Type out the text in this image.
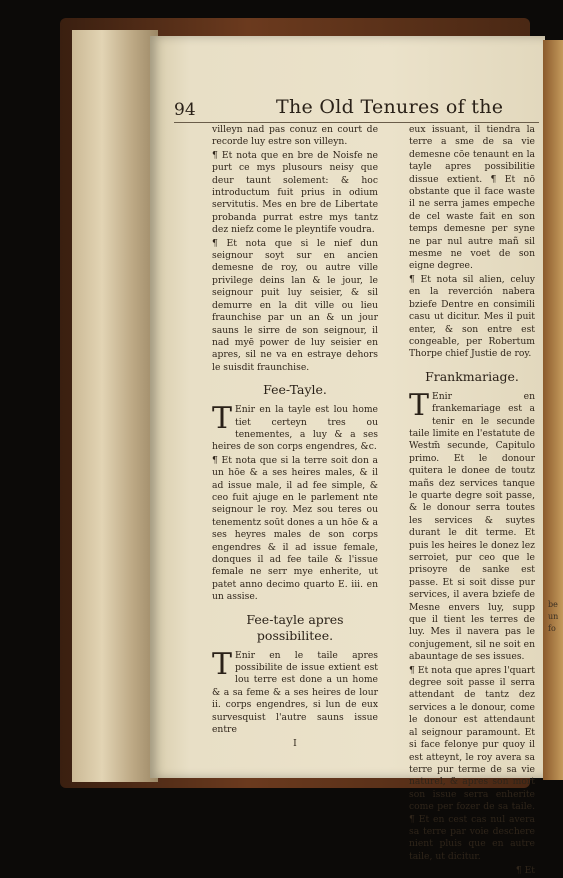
94	The Old Tenures of the

villeyn nad pas conuz en court de recorde luy estre son villeyn.

¶ Et nota que en bre de Noisfe ne purt ce mys plusours neisy que deur taunt solement: & hoc introductum fuit prius in odium servitutis. Mes en bre de Libertate probanda purrat estre mys tantz dez niefz come le pleyntife voudra.

¶ Et nota que si le nief dun seignour soyt sur en ancien demesne de roy, ou autre ville privilege deins lan & le jour, le seignour puit luy seisier, & sil demurre en la dit ville ou lieu fraunchise par un an & un jour sauns le sirre de son seignour, il nad myē power de luy seisier en apres, sil ne va en estraye dehors le suisdit fraunchise.

Fee-Tayle.

T Enir en la tayle est lou home tiet certeyn tres ou tenementes, a luy & a ses heires de son corps engendres, &c.

¶ Et nota que si la terre soit don a un hōe & a ses heires males, & il ad issue male, il ad fee simple, & ceo fuit ajuge en le parlement nte seignour le roy. Mez sou teres ou tenementz soūt dones a un hōe & a ses heyres males de son corps engendres & il ad issue female, donques il ad fee taile & l'issue female ne serr mye enherite, ut patet anno decimo quarto E. iii. en un assise.

Fee-tayle apres possibilitee.

T Enir en le taile apres possibilite de issue extient est lou terre est done a un home & a sa feme & a ses heires de lour ii. corps engendres, si lun de eux survesquist l'autre sauns issue entre

I

eux issuant, il tiendra la terre a sme de sa vie demesne cōe tenaunt en la tayle apres possibilitie dissue extient. ¶ Et nō obstante que il face waste il ne serra james empeche de cel waste fait en son temps demesne per syne ne par nul autre mañ sil mesme ne voet de son eigne degree.

¶ Et nota sil alien, celuy en la reverción nabera bziefe Dentre en consimili casu ut dicitur. Mes il puit enter, & son entre est congeable, per Robertum Thorpe chief Justie de roy.

Frankmariage.

T Enir en frankemariage est a tenir en le secunde taile limite en l'estatute de Westm̄ secunde, Capitulo primo. Et le donour quitera le donee de toutz mañs dez services tanque le quarte degre soit passe, & le donour serra toutes les services & suytes durant le dit terme. Et puis les heires le donez lez serroiet, pur ceo que le prisoyre de sanke est passe. Et si soit disse pur services, il avera bziefe de Mesne envers luy, supp que il tient les terres de luy. Mes il navera pas le conjugement, sil ne soit en abauntage de ses issues.

¶ Et nota que apres l'quart degree soit passe il serra attendant de tantz dez services a le donour, come le donour est attendaunt al seignour paramount. Et si face felonye pur quoy il est atteynt, le roy avera sa terre pur terme de sa vie naturel, & apres son mort son issue serra enherite come per fozer de sa taile. ¶ Et en cest cas nul avera sa terre par voie deschere nient pluis que en autre taile, ut dicitur.

¶ Et
be
un
fo
